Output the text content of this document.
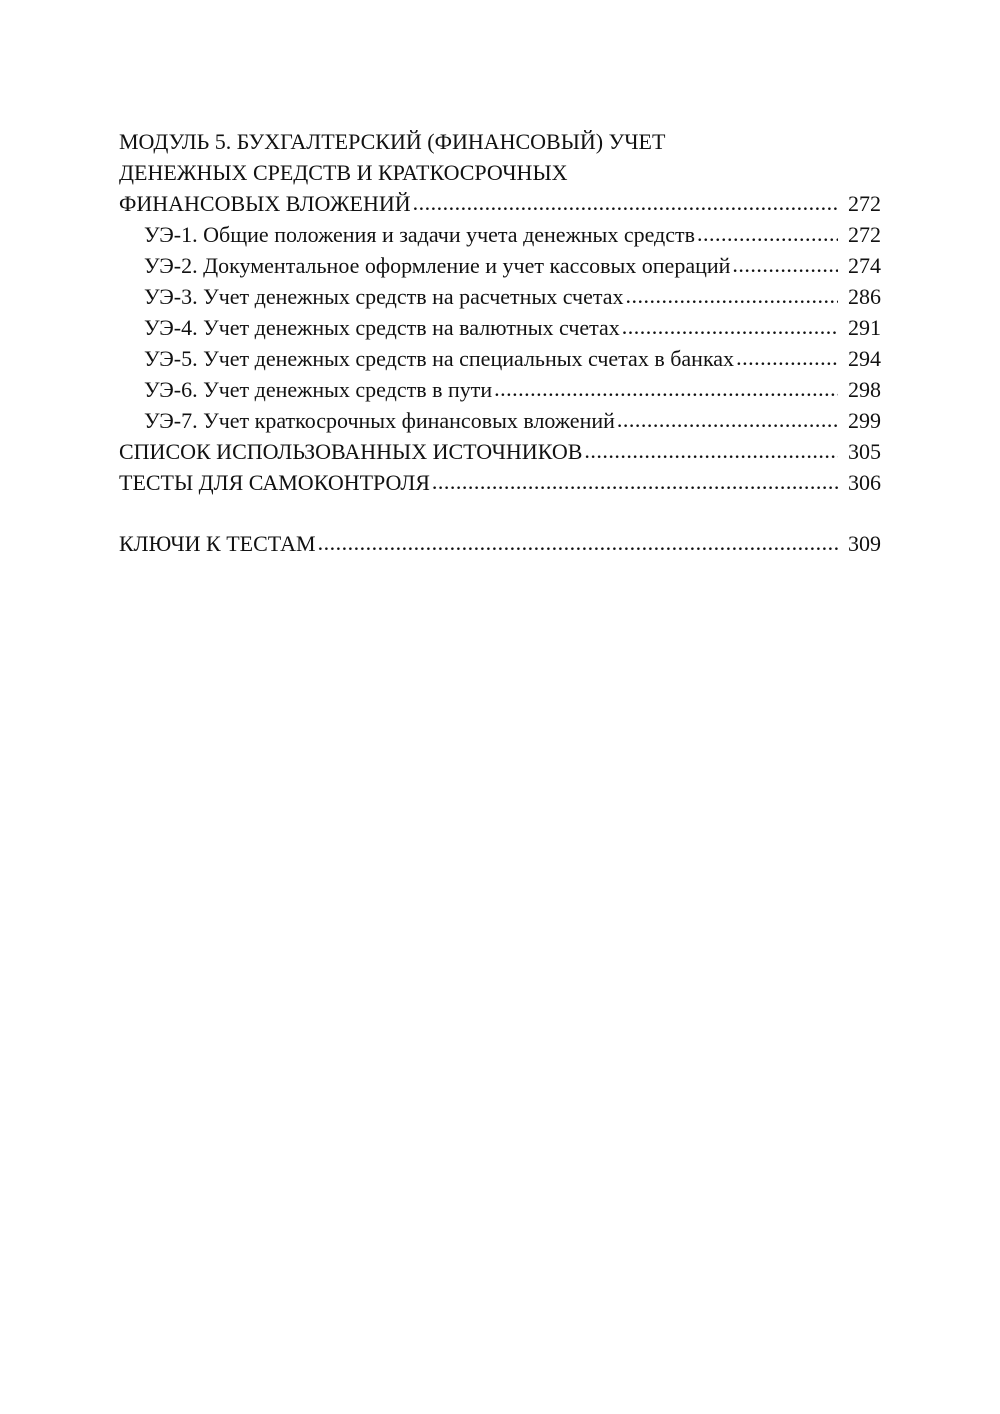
МОДУЛЬ 5. БУХГАЛТЕРСКИЙ (ФИНАНСОВЫЙ) УЧЕТ
ДЕНЕЖНЫХ СРЕДСТВ И КРАТКОСРОЧНЫХ
ФИНАНСОВЫХ ВЛОЖЕНИЙ .....	272
УЭ-1. Общие положения и задачи учета денежных средств .....	272
УЭ-2. Документальное оформление и учет кассовых операций .....	274
УЭ-3. Учет денежных средств на расчетных счетах .....	286
УЭ-4. Учет денежных средств на валютных счетах .....	291
УЭ-5. Учет денежных средств на специальных счетах в банках .....	294
УЭ-6. Учет денежных средств в пути .....	298
УЭ-7. Учет краткосрочных финансовых вложений .....	299
СПИСОК ИСПОЛЬЗОВАННЫХ ИСТОЧНИКОВ .....	305
ТЕСТЫ ДЛЯ САМОКОНТРОЛЯ .....	306
КЛЮЧИ К ТЕСТАМ .....	309
